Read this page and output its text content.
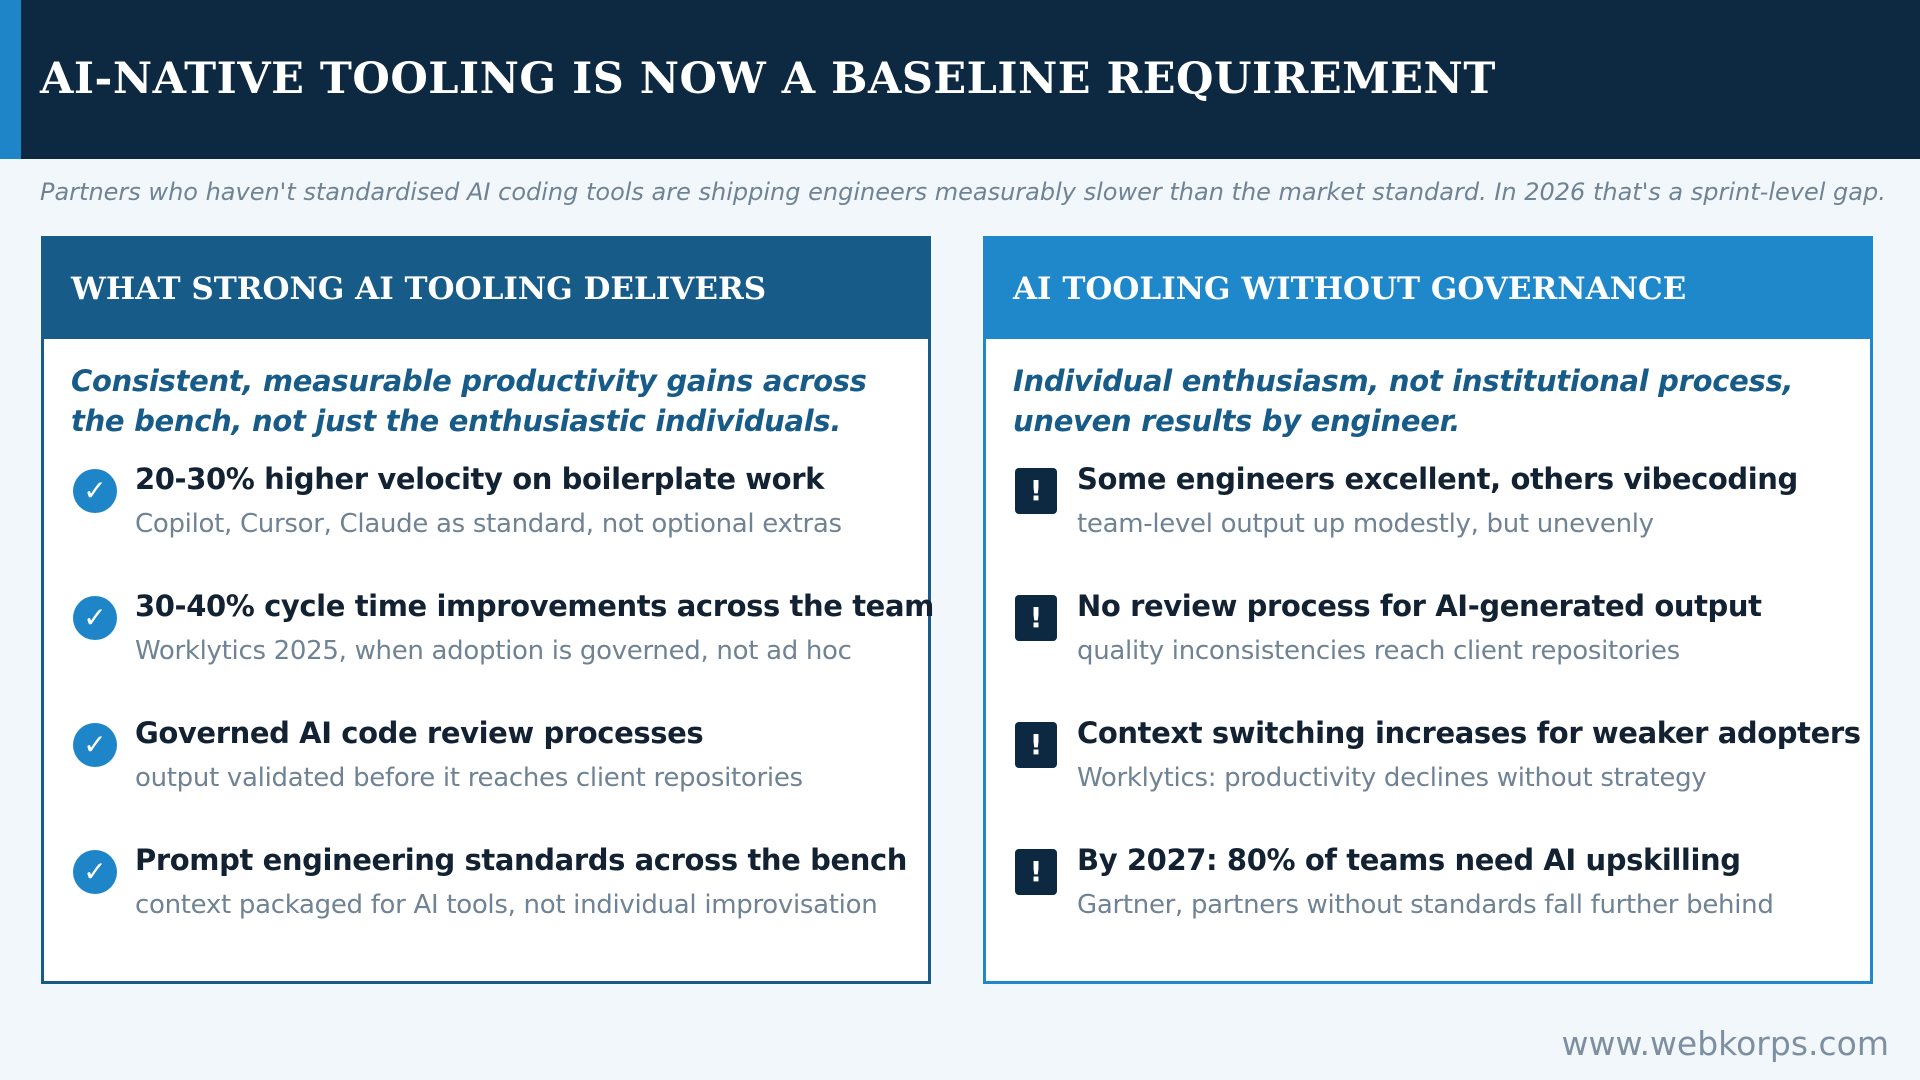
AI-NATIVE TOOLING IS NOW A BASELINE REQUIREMENT
Partners who haven't standardised AI coding tools are shipping engineers measurably slower than the market standard. In 2026 that's a sprint-level gap.
WHAT STRONG AI TOOLING DELIVERS
Consistent, measurable productivity gains across the bench, not just the enthusiastic individuals.
✓ 20-30% higher velocity on boilerplate work
Copilot, Cursor, Claude as standard, not optional extras
✓ 30-40% cycle time improvements across the team
Worklytics 2025, when adoption is governed, not ad hoc
✓ Governed AI code review processes
output validated before it reaches client repositories
✓ Prompt engineering standards across the bench
context packaged for AI tools, not individual improvisation
AI TOOLING WITHOUT GOVERNANCE
Individual enthusiasm, not institutional process, uneven results by engineer.
!	Some engineers excellent, others vibecoding
team-level output up modestly, but unevenly
!	No review process for AI-generated output
quality inconsistencies reach client repositories
!	Context switching increases for weaker adopters
Worklytics: productivity declines without strategy
!	By 2027: 80% of teams need AI upskilling
Gartner, partners without standards fall further behind
www.webkorps.com
